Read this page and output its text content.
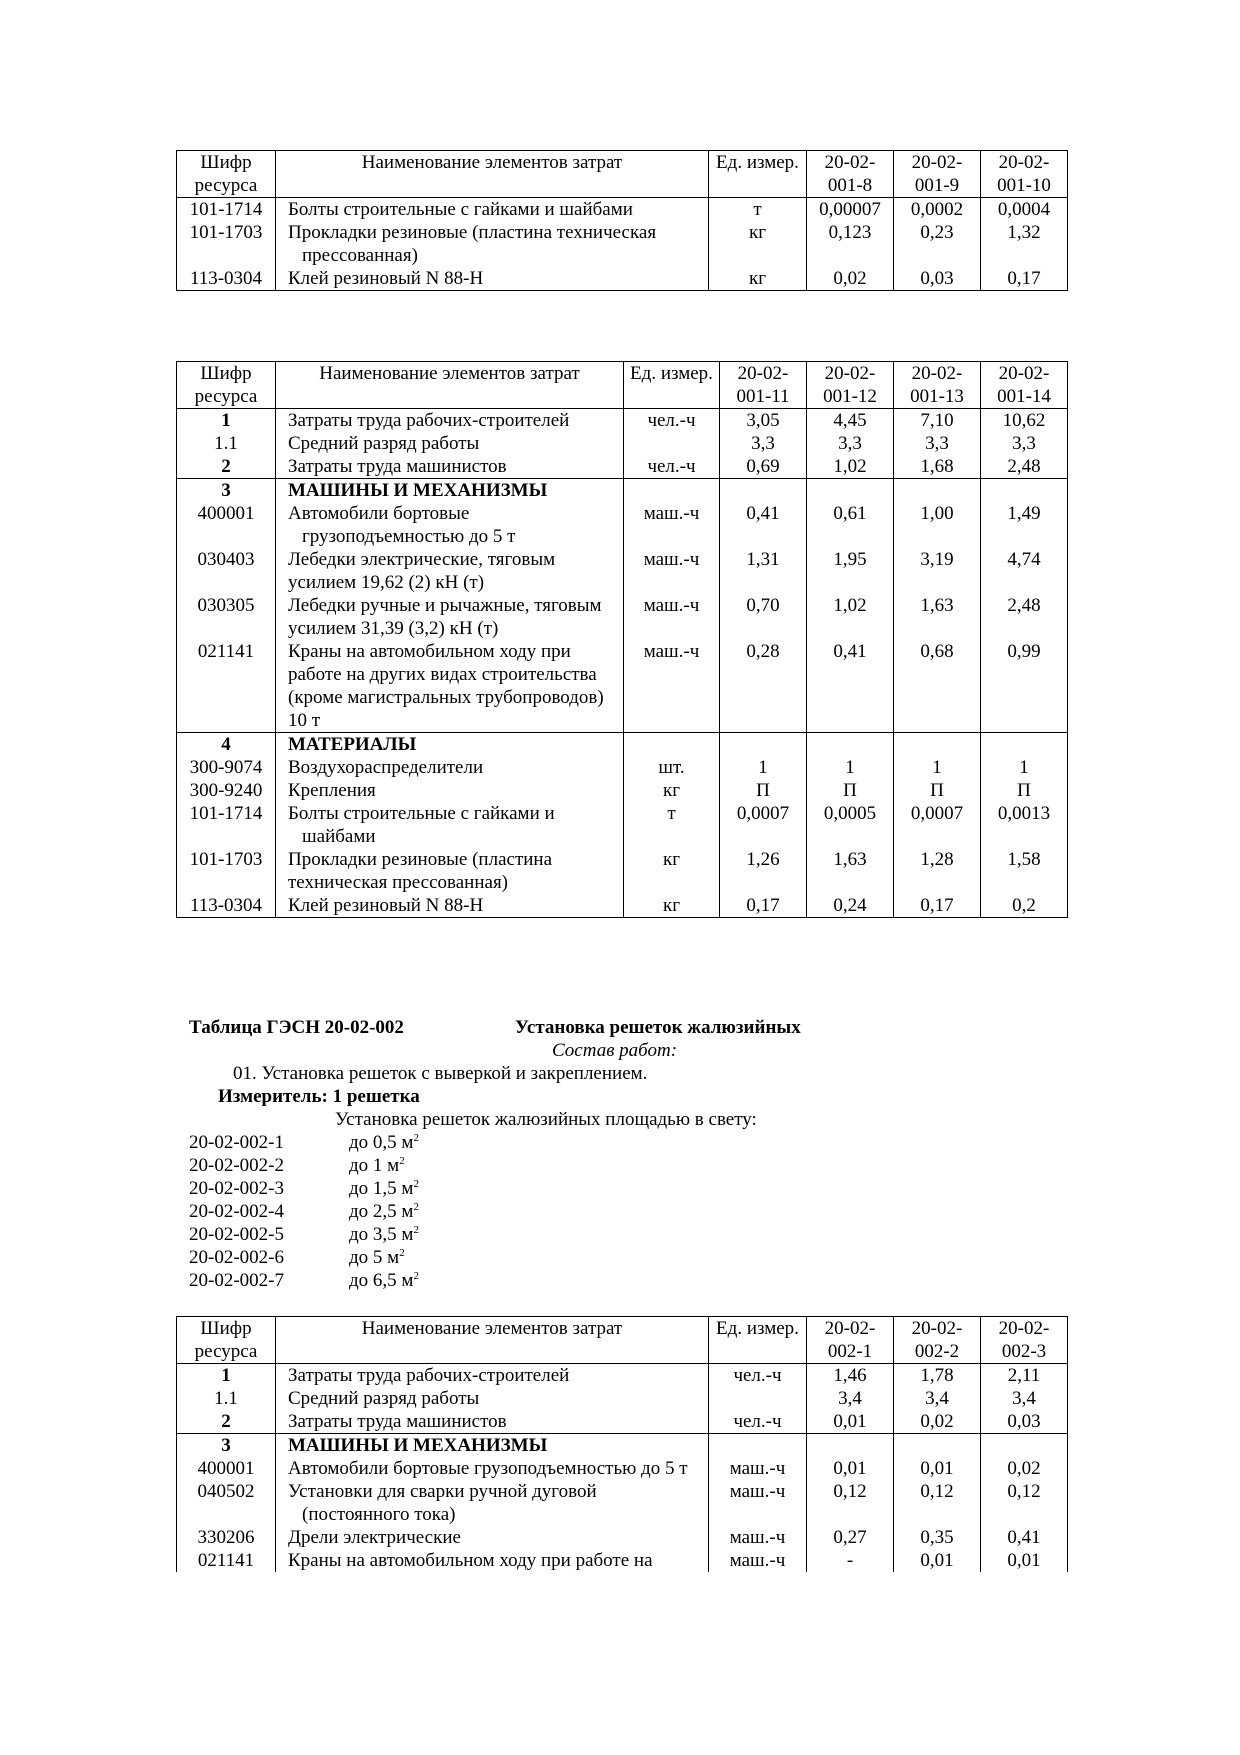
Шифр ресурса	Наименование элементов затрат	Ед. измер.	20-02-001-8	20-02-001-9	20-02-001-10
101-1714	Болты строительные с гайками и шайбами	т	0,00007	0,0002	0,0004
101-1703	Прокладки резиновые (пластина техническая прессованная)	кг	0,123	0,23	1,32
113-0304	Клей резиновый N 88-Н	кг	0,02	0,03	0,17
Шифр ресурса	Наименование элементов затрат	Ед. измер.	20-02-001-11	20-02-001-12	20-02-001-13	20-02-001-14
1	Затраты труда рабочих-строителей	чел.-ч	3,05	4,45	7,10	10,62
1.1	Средний разряд работы		3,3	3,3	3,3	3,3
2	Затраты труда машинистов	чел.-ч	0,69	1,02	1,68	2,48
3	МАШИНЫ И МЕХАНИЗМЫ					
400001	Автомобили бортовые грузоподъемностью до 5 т	маш.-ч	0,41	0,61	1,00	1,49
030403	Лебедки электрические, тяговым усилием 19,62 (2) кН (т)	маш.-ч	1,31	1,95	3,19	4,74
030305	Лебедки ручные и рычажные, тяговым усилием 31,39 (3,2) кН (т)	маш.-ч	0,70	1,02	1,63	2,48
021141	Краны на автомобильном ходу при работе на других видах строительства (кроме магистральных трубопроводов) 10 т	маш.-ч	0,28	0,41	0,68	0,99
4	МАТЕРИАЛЫ					
300-9074	Воздухораспределители	шт.	1	1	1	1
300-9240	Крепления	кг	П	П	П	П
101-1714	Болты строительные с гайками и шайбами	т	0,0007	0,0005	0,0007	0,0013
101-1703	Прокладки резиновые (пластина техническая прессованная)	кг	1,26	1,63	1,28	1,58
113-0304	Клей резиновый N 88-Н	кг	0,17	0,24	0,17	0,2
Таблица ГЭСН 20-02-002	Установка решеток жалюзийных
Состав работ:
01. Установка решеток с выверкой и закреплением.
Измеритель: 1 решетка
Установка решеток жалюзийных площадью в свету:
20-02-002-1	до 0,5 $м^2$
20-02-002-2	до 1 $м^2$
20-02-002-3	до 1,5 $м^2$
20-02-002-4	до 2,5 $м^2$
20-02-002-5	до 3,5 $м^2$
20-02-002-6	до 5 $м^2$
20-02-002-7	до 6,5 $м^2$
Шифр ресурса	Наименование элементов затрат	Ед. измер.	20-02-002-1	20-02-002-2	20-02-002-3
1	Затраты труда рабочих-строителей	чел.-ч	1,46	1,78	2,11
1.1	Средний разряд работы		3,4	3,4	3,4
2	Затраты труда машинистов	чел.-ч	0,01	0,02	0,03
3	МАШИНЫ И МЕХАНИЗМЫ				
400001	Автомобили бортовые грузоподъемностью до 5 т	маш.-ч	0,01	0,01	0,02
040502	Установки для сварки ручной дуговой (постоянного тока)	маш.-ч	0,12	0,12	0,12
330206	Дрели электрические	маш.-ч	0,27	0,35	0,41
021141	Краны на автомобильном ходу при работе на	маш.-ч	-	0,01	0,01
